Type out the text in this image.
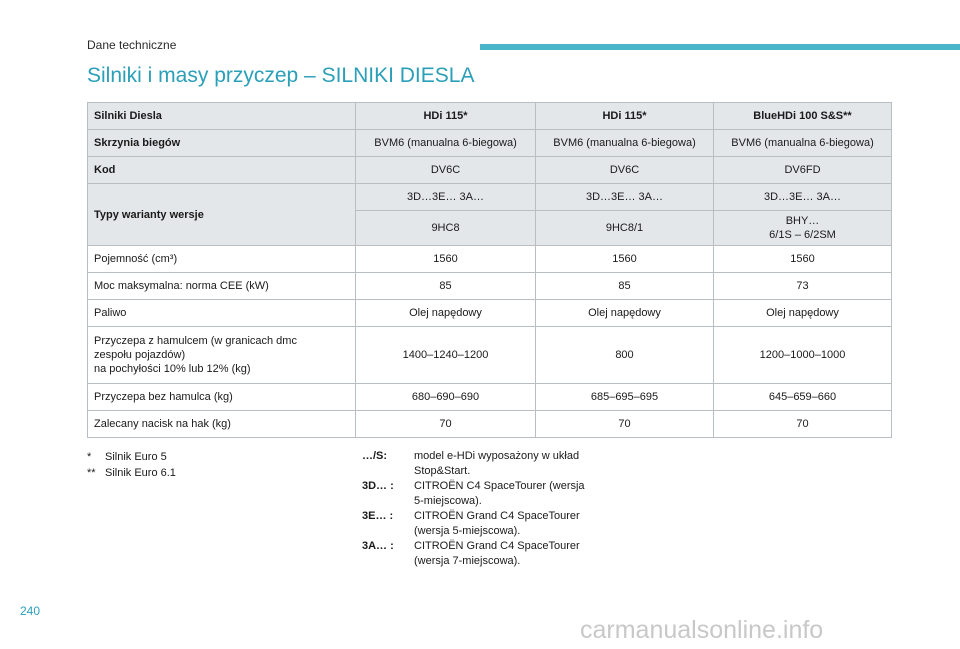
Dane techniczne
Silniki i masy przyczep – SILNIKI DIESLA
Silniki Diesla	HDi 115*	HDi 115*	BlueHDi 100 S&S**
Skrzynia biegów	BVM6 (manualna 6-biegowa)	BVM6 (manualna 6-biegowa)	BVM6 (manualna 6-biegowa)
Kod	DV6C	DV6C	DV6FD
Typy warianty wersje	3D…3E… 3A…	3D…3E… 3A…	3D…3E… 3A…
	9HC8	9HC8/1	BHY…
6/1S – 6/2SM

Pojemność (cm³)	1560	1560	1560
Moc maksymalna: norma CEE (kW)	85	85	73
Paliwo	Olej napędowy	Olej napędowy	Olej napędowy

Przyczepa z hamulcem (w granicach dmc
zespołu pojazdów)
na pochyłości 10% lub 12% (kg)	1400–1240–1200	800	1200–1000–1000
Przyczepa bez hamulca (kg)	680–690–690	685–695–695	645–659–660
Zalecany nacisk na hak (kg)	70	70	70
* Silnik Euro 5
** Silnik Euro 6.1
…/S:	model e-HDi wyposażony w układ
Stop&Start.
3D… :	CITROËN C4 SpaceTourer (wersja
5-miejscowa).
3E… :	CITROËN Grand C4 SpaceTourer
(wersja 5-miejscowa).
3A… :	CITROËN Grand C4 SpaceTourer
(wersja 7-miejscowa).
240
carmanualsonline.info
